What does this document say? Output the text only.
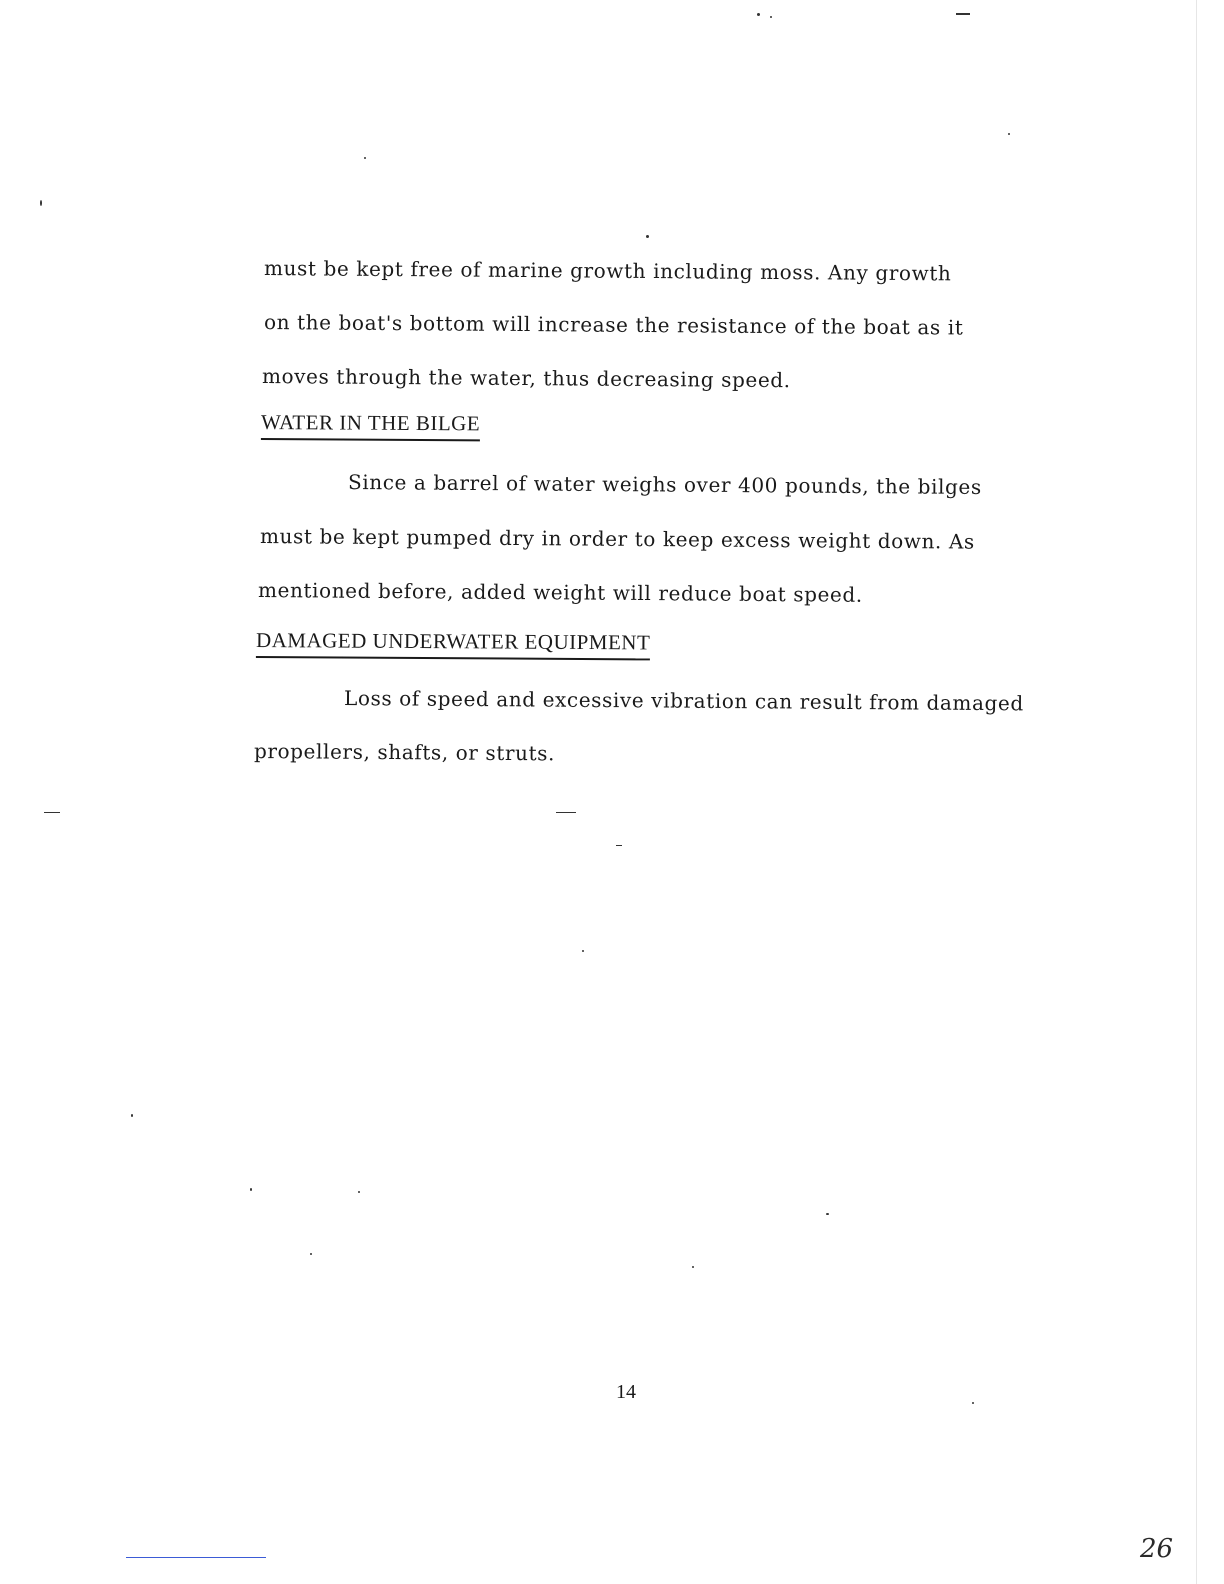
must be kept free of marine growth including moss. Any growth
on the boat's bottom will increase the resistance of the boat as it
moves through the water, thus decreasing speed.
WATER IN THE BILGE
Since a barrel of water weighs over 400 pounds, the bilges
must be kept pumped dry in order to keep excess weight down. As
mentioned before, added weight will reduce boat speed.
DAMAGED UNDERWATER EQUIPMENT
Loss of speed and excessive vibration can result from damaged
propellers, shafts, or struts.
14
26
